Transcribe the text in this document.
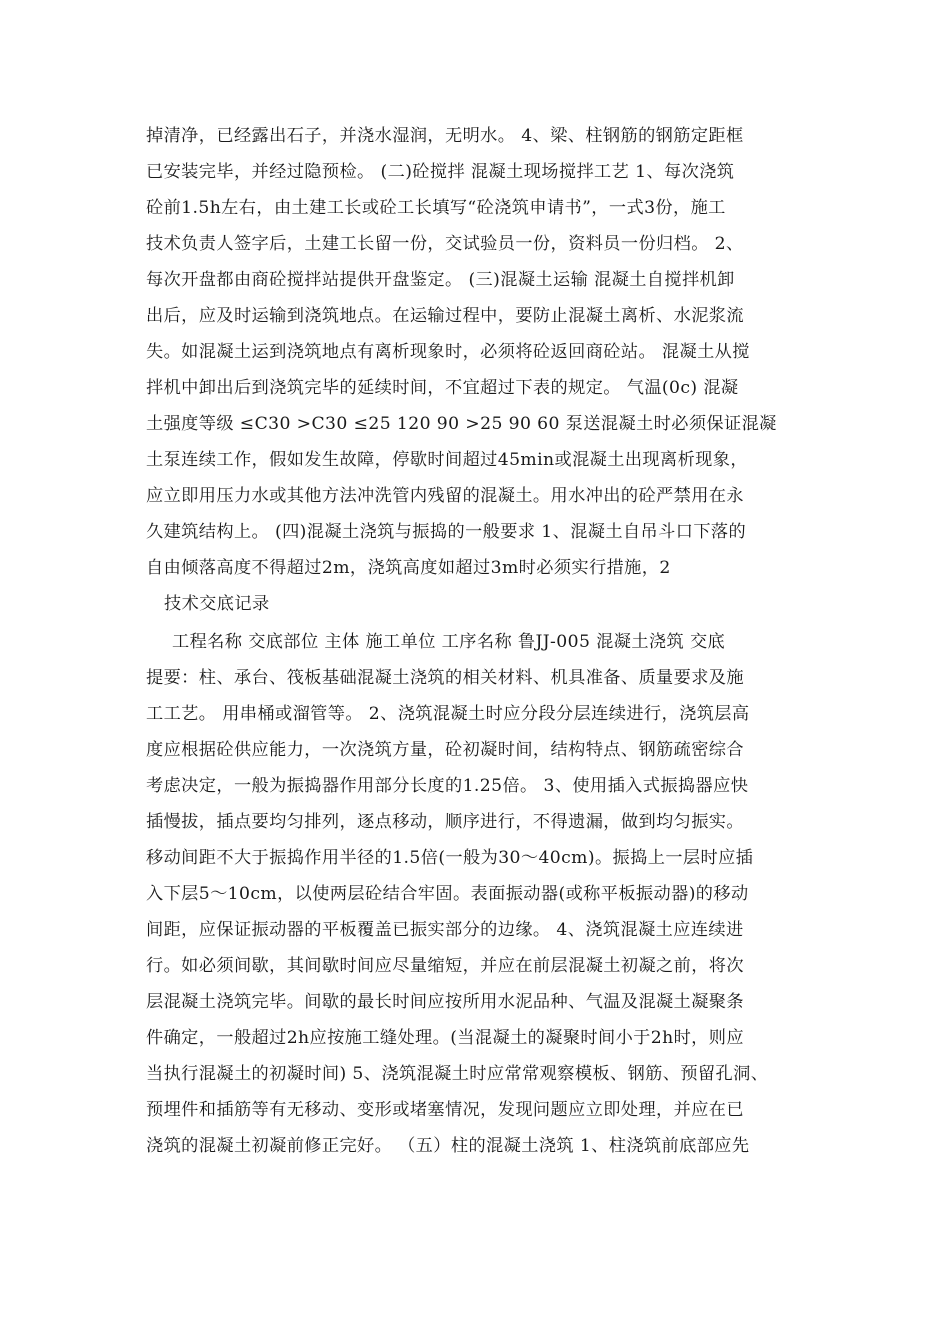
掉清净，已经露出石子，并浇水湿润，无明水。 4、梁、柱钢筋的钢筋定距框
已安装完毕，并经过隐预检。 (二)砼搅拌 混凝土现场搅拌工艺 1、每次浇筑
砼前1.5h左右，由土建工长或砼工长填写“砼浇筑申请书”，一式3份，施工
技术负责人签字后，土建工长留一份，交试验员一份，资料员一份归档。 2、
每次开盘都由商砼搅拌站提供开盘鉴定。 (三)混凝土运输 混凝土自搅拌机卸
出后，应及时运输到浇筑地点。在运输过程中，要防止混凝土离析、水泥浆流
失。如混凝土运到浇筑地点有离析现象时，必须将砼返回商砼站。 混凝土从搅
拌机中卸出后到浇筑完毕的延续时间，不宜超过下表的规定。 气温(0c) 混凝
土强度等级 ≤C30 >C30 ≤25 120 90 >25 90 60 泵送混凝土时必须保证混凝
土泵连续工作，假如发生故障，停歇时间超过45min或混凝土出现离析现象，
应立即用压力水或其他方法冲洗管内残留的混凝土。用水冲出的砼严禁用在永
久建筑结构上。 (四)混凝土浇筑与振捣的一般要求 1、混凝土自吊斗口下落的
自由倾落高度不得超过2m，浇筑高度如超过3m时必须实行措施，2
技术交底记录
工程名称 交底部位 主体 施工单位 工序名称 鲁JJ-005 混凝土浇筑 交底
提要：柱、承台、筏板基础混凝土浇筑的相关材料、机具准备、质量要求及施
工工艺。 用串桶或溜管等。 2、浇筑混凝土时应分段分层连续进行，浇筑层高
度应根据砼供应能力，一次浇筑方量，砼初凝时间，结构特点、钢筋疏密综合
考虑决定，一般为振捣器作用部分长度的1.25倍。 3、使用插入式振捣器应快
插慢拔，插点要均匀排列，逐点移动，顺序进行，不得遗漏，做到均匀振实。
移动间距不大于振捣作用半径的1.5倍(一般为30～40cm)。振捣上一层时应插
入下层5～10cm，以使两层砼结合牢固。表面振动器(或称平板振动器)的移动
间距，应保证振动器的平板覆盖已振实部分的边缘。 4、浇筑混凝土应连续进
行。如必须间歇，其间歇时间应尽量缩短，并应在前层混凝土初凝之前，将次
层混凝土浇筑完毕。间歇的最长时间应按所用水泥品种、气温及混凝土凝聚条
件确定，一般超过2h应按施工缝处理。(当混凝土的凝聚时间小于2h时，则应
当执行混凝土的初凝时间) 5、浇筑混凝土时应常常观察模板、钢筋、预留孔洞、
预埋件和插筋等有无移动、变形或堵塞情况，发现问题应立即处理，并应在已
浇筑的混凝土初凝前修正完好。 （五）柱的混凝土浇筑 1、柱浇筑前底部应先
